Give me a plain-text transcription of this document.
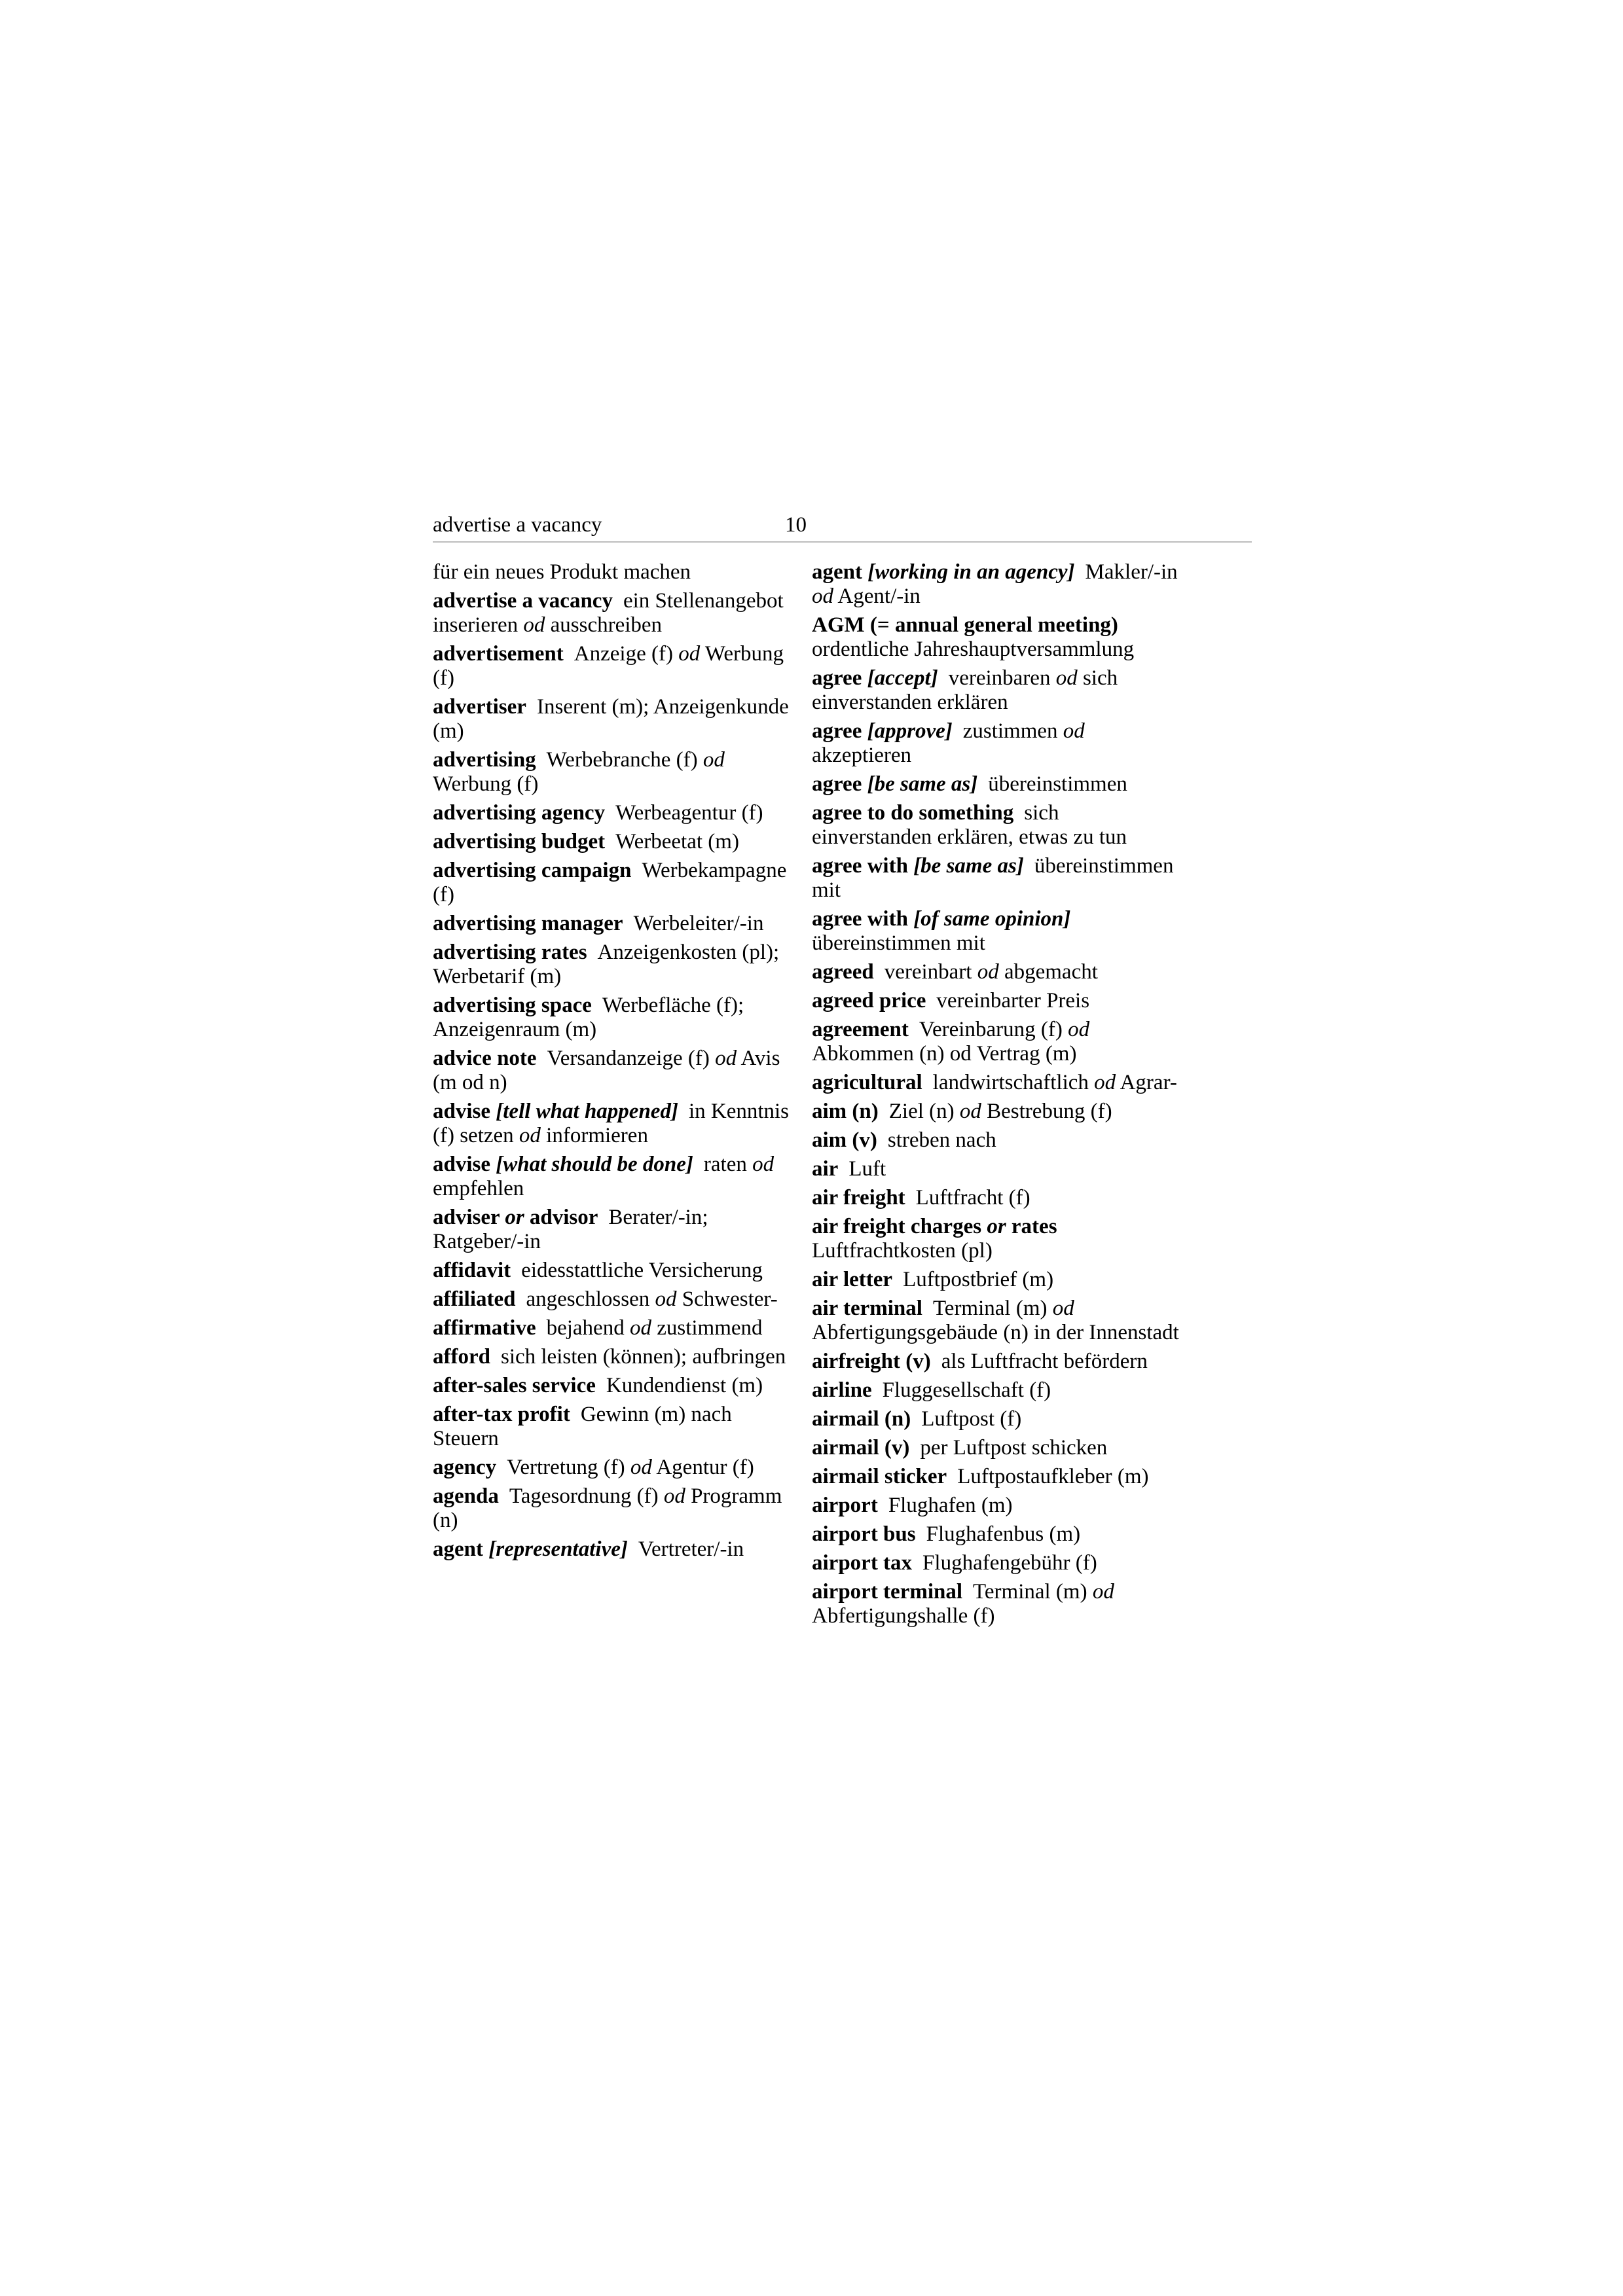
advertise a vacancy	10
für ein neues Produkt machen
advertise a vacancy ein Stellenangebot inserieren od ausschreiben
advertisement Anzeige (f) od Werbung (f)
advertiser Inserent (m); Anzeigenkunde (m)
advertising Werbebranche (f) od Werbung (f)
advertising agency Werbeagentur (f)
advertising budget Werbeetat (m)
advertising campaign Werbekampagne (f)
advertising manager Werbeleiter/-in
advertising rates Anzeigenkosten (pl); Werbetarif (m)
advertising space Werbefläche (f); Anzeigenraum (m)
advice note Versandanzeige (f) od Avis (m od n)
advise [tell what happened] in Kenntnis (f) setzen od informieren
advise [what should be done] raten od empfehlen
adviser or advisor Berater/-in; Ratgeber/-in
affidavit eidesstattliche Versicherung
affiliated angeschlossen od Schwester-
affirmative bejahend od zustimmend
afford sich leisten (können); aufbringen
after-sales service Kundendienst (m)
after-tax profit Gewinn (m) nach Steuern
agency Vertretung (f) od Agentur (f)
agenda Tagesordnung (f) od Programm (n)
agent [representative] Vertreter/-in
agent [working in an agency] Makler/-in od Agent/-in
AGM (= annual general meeting)ordentliche Jahreshauptversammlung
agree [accept] vereinbaren od sich einverstanden erklären
agree [approve] zustimmen od akzeptieren
agree [be same as] übereinstimmen
agree to do something sich einverstanden erklären, etwas zu tun
agree with [be same as] übereinstimmen mit
agree with [of same opinion]übereinstimmen mit
agreed vereinbart od abgemacht
agreed price vereinbarter Preis
agreement Vereinbarung (f) od Abkommen (n) od Vertrag (m)
agricultural landwirtschaftlich od Agrar-
aim (n) Ziel (n) od Bestrebung (f)
aim (v) streben nach
air Luft
air freight Luftfracht (f)
air freight charges or ratesLuftfrachtkosten (pl)
air letter Luftpostbrief (m)
air terminal Terminal (m) od Abfertigungsgebäude (n) in der Innenstadt
airfreight (v) als Luftfracht befördern
airline Fluggesellschaft (f)
airmail (n) Luftpost (f)
airmail (v) per Luftpost schicken
airmail sticker Luftpostaufkleber (m)
airport Flughafen (m)
airport bus Flughafenbus (m)
airport tax Flughafengebühr (f)
airport terminal Terminal (m) od Abfertigungshalle (f)
